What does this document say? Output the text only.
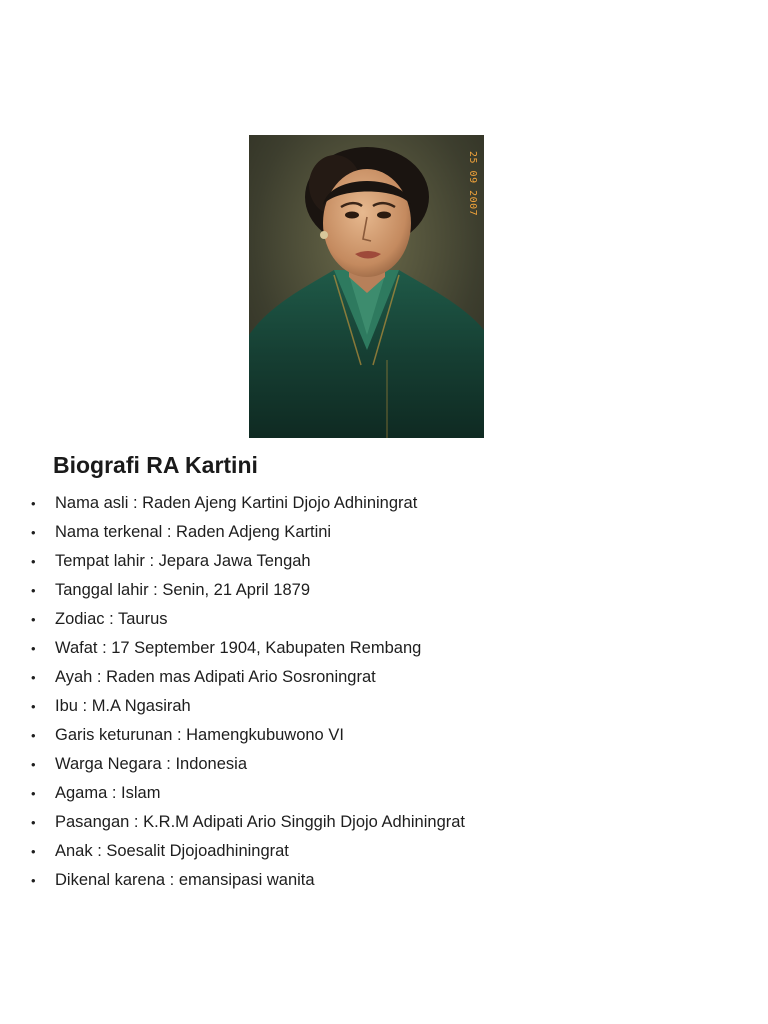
25 09 2007
Biografi RA Kartini
• Nama asli : Raden Ajeng Kartini Djojo Adhiningrat
• Nama terkenal : Raden Adjeng Kartini
• Tempat lahir : Jepara Jawa Tengah
• Tanggal lahir : Senin, 21 April 1879
• Zodiac : Taurus
• Wafat : 17 September 1904, Kabupaten Rembang
• Ayah : Raden mas Adipati Ario Sosroningrat
• Ibu : M.A Ngasirah
• Garis keturunan : Hamengkubuwono VI
• Warga Negara : Indonesia
• Agama : Islam
• Pasangan : K.R.M Adipati Ario Singgih Djojo Adhiningrat
• Anak : Soesalit Djojoadhiningrat
• Dikenal karena : emansipasi wanita
